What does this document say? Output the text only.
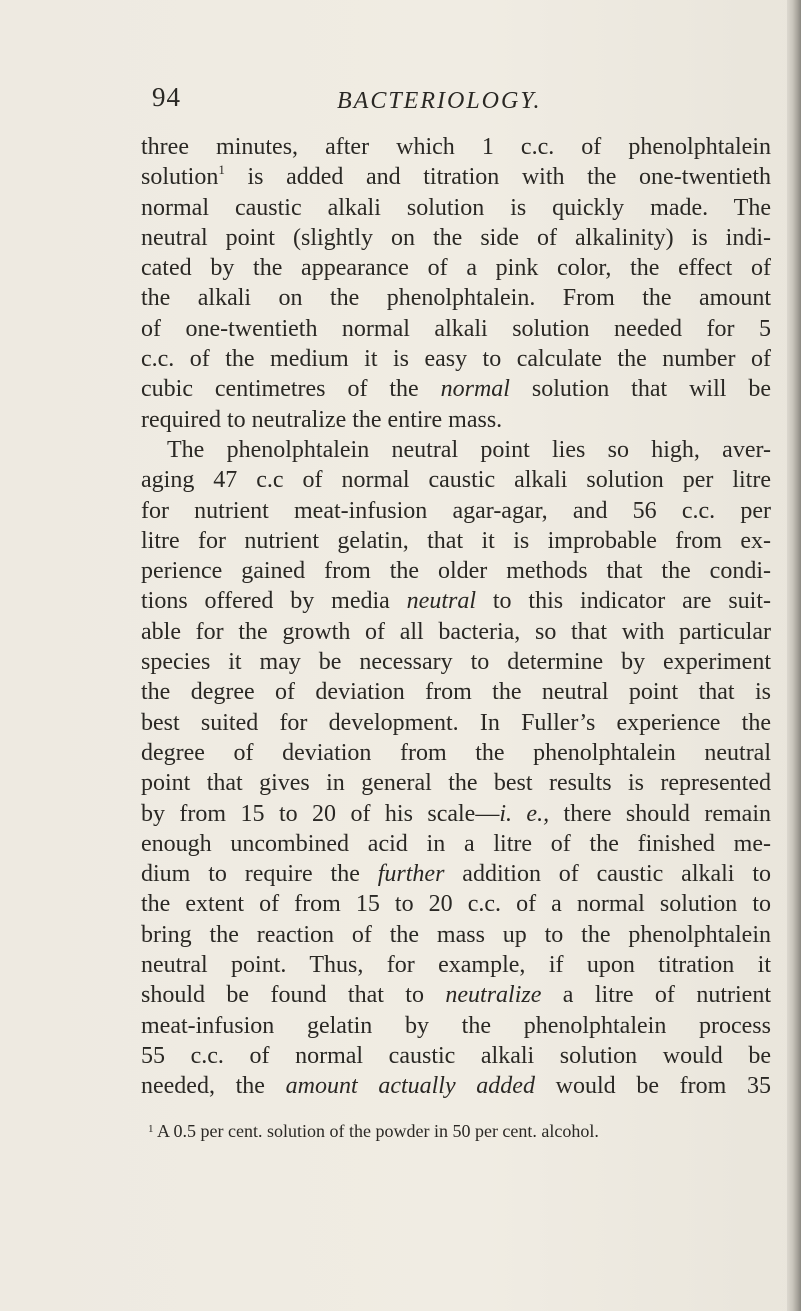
94	BACTERIOLOGY.
three minutes, after which 1 c.c. of phenolphtalein
solution$^1$ is added and titration with the one-twentieth
normal caustic alkali solution is quickly made. The
neutral point (slightly on the side of alkalinity) is indi-
cated by the appearance of a pink color, the effect of
the alkali on the phenolphtalein. From the amount
of one-twentieth normal alkali solution needed for 5
c.c. of the medium it is easy to calculate the number of
cubic centimetres of the normal solution that will be
required to neutralize the entire mass.
The phenolphtalein neutral point lies so high, aver-
aging 47 c.c of normal caustic alkali solution per litre
for nutrient meat-infusion agar-agar, and 56 c.c. per
litre for nutrient gelatin, that it is improbable from ex-
perience gained from the older methods that the condi-
tions offered by media neutral to this indicator are suit-
able for the growth of all bacteria, so that with particular
species it may be necessary to determine by experiment
the degree of deviation from the neutral point that is
best suited for development. In Fuller’s experience the
degree of deviation from the phenolphtalein neutral
point that gives in general the best results is represented
by from 15 to 20 of his scale—i. e., there should remain
enough uncombined acid in a litre of the finished me-
dium to require the further addition of caustic alkali to
the extent of from 15 to 20 c.c. of a normal solution to
bring the reaction of the mass up to the phenolphtalein
neutral point. Thus, for example, if upon titration it
should be found that to neutralize a litre of nutrient
meat-infusion gelatin by the phenolphtalein process
55 c.c. of normal caustic alkali solution would be
needed, the amount actually added would be from 35
$^1$ A 0.5 per cent. solution of the powder in 50 per cent. alcohol.
